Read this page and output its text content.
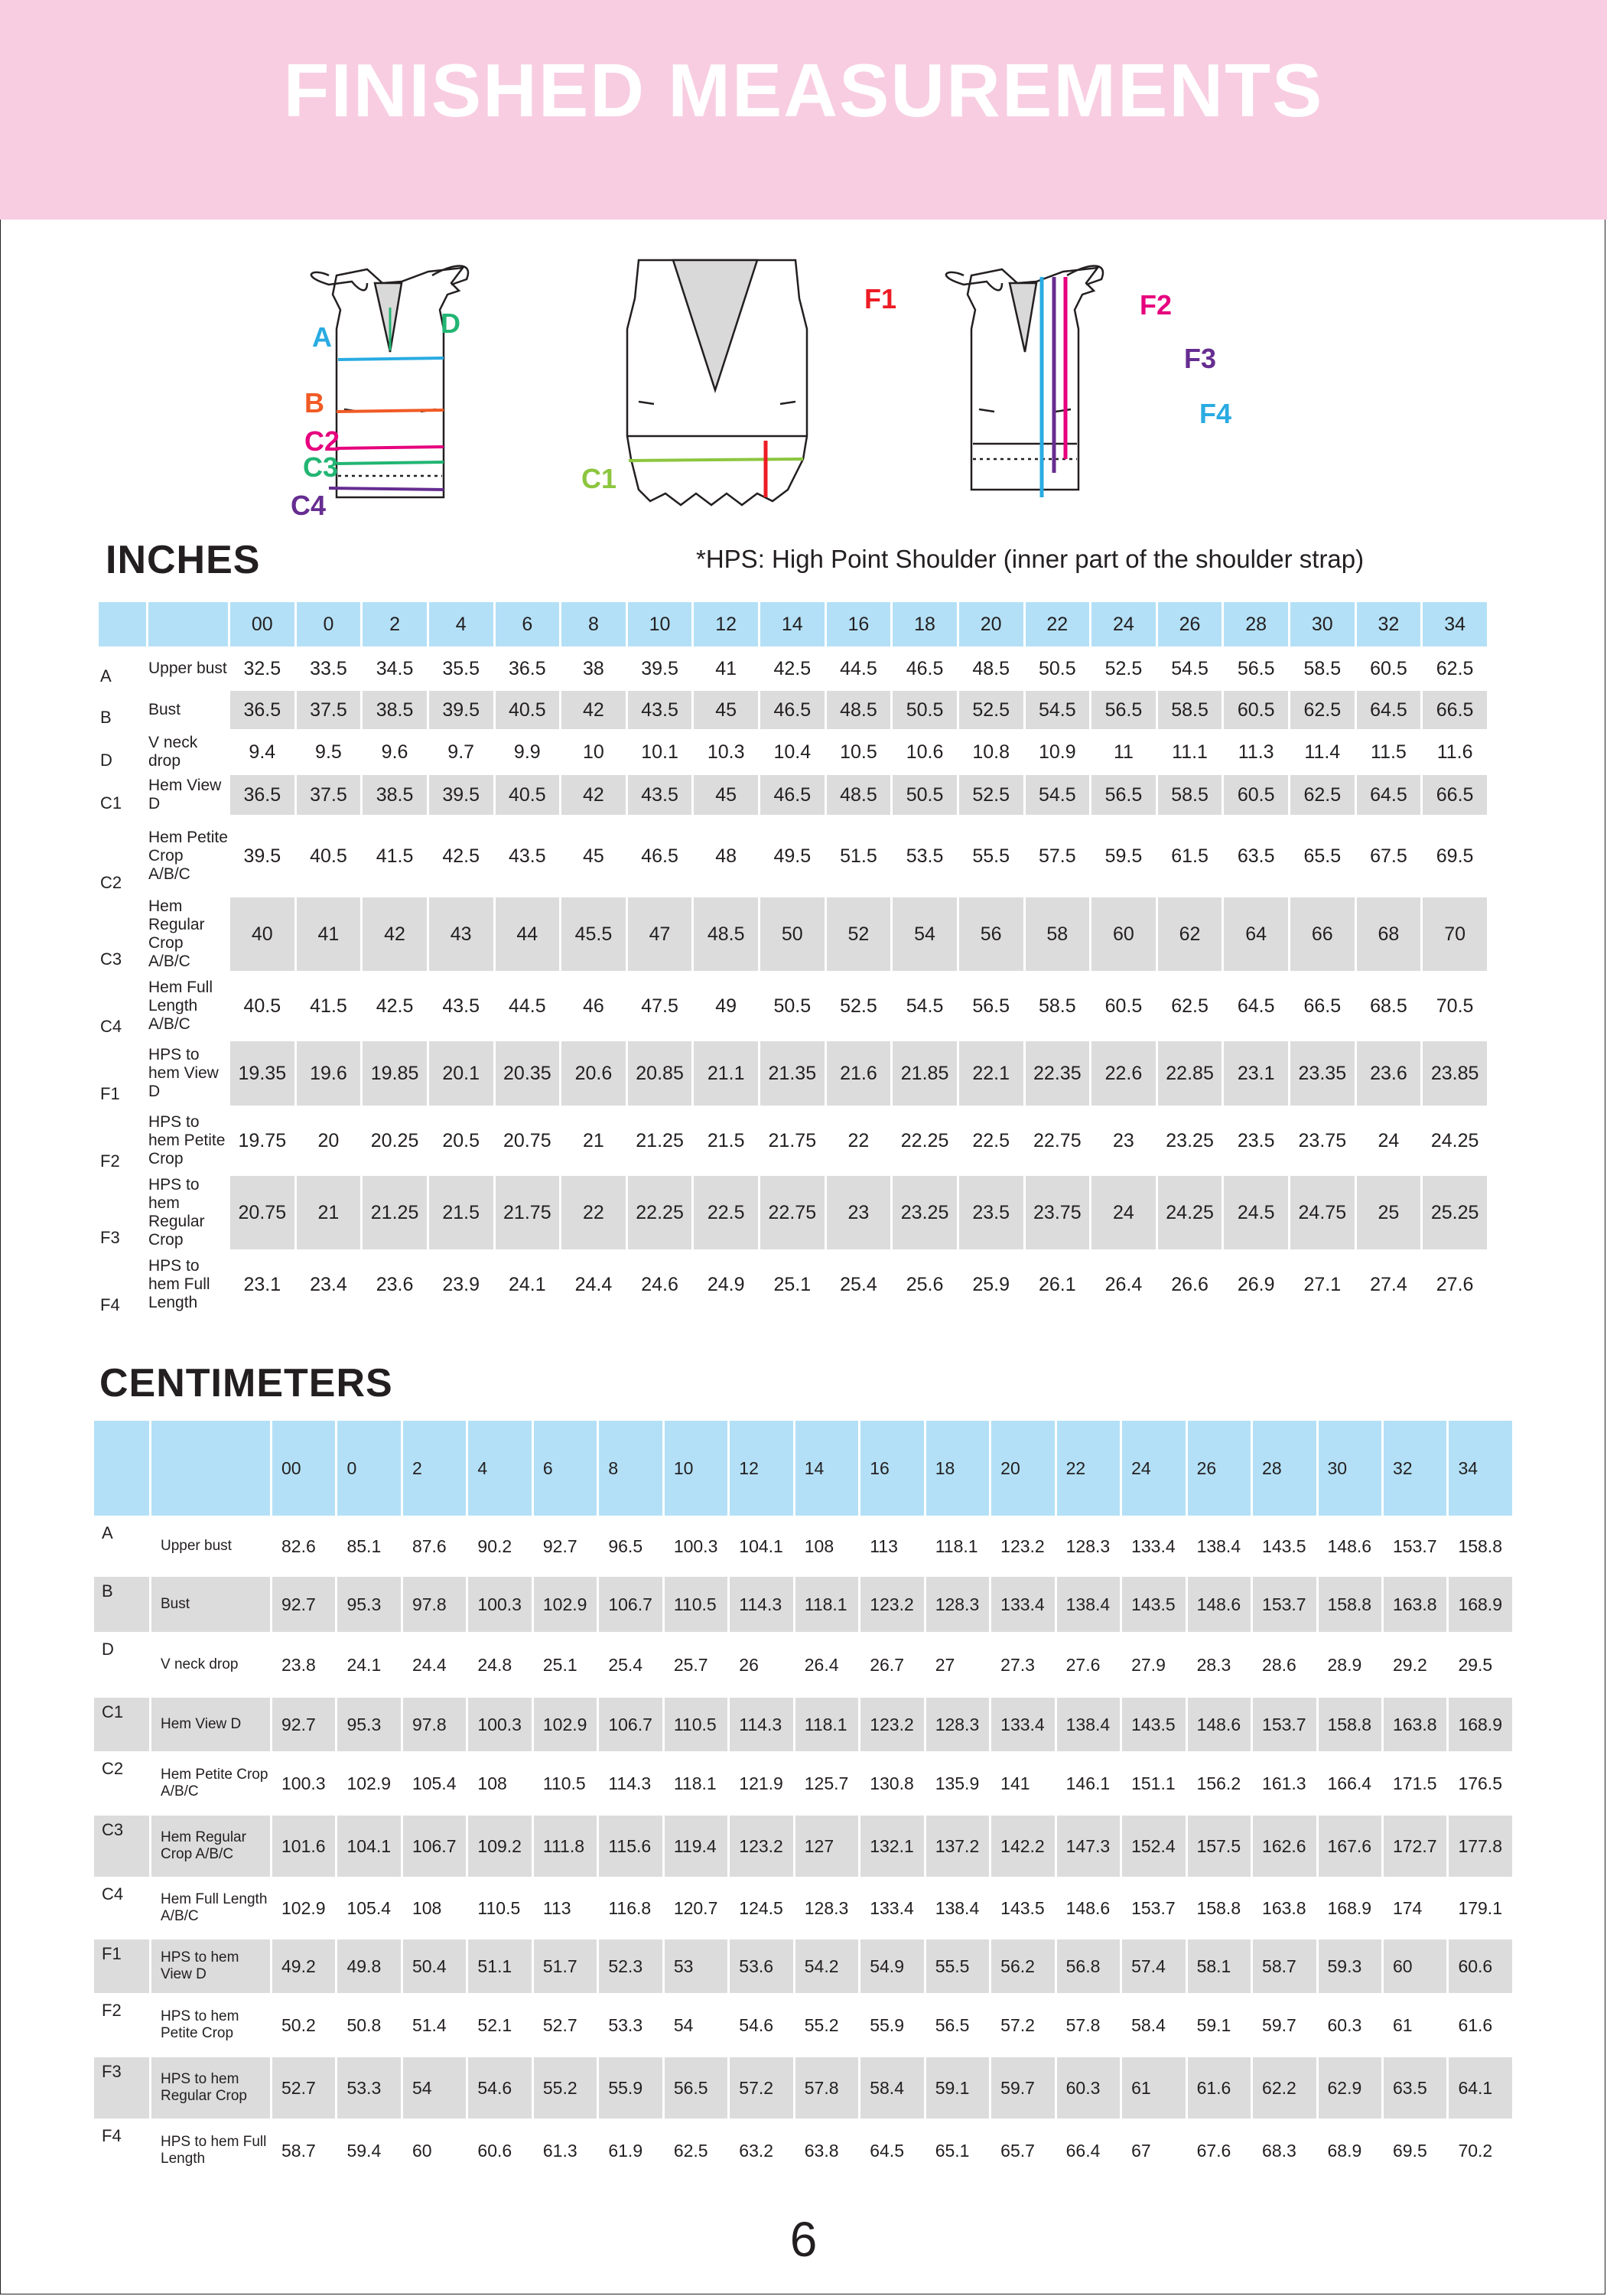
FINISHED MEASUREMENTS
A	D
B
C2
C3
C4
C1
F1	F2
F3
F4
INCHES	*HPS: High Point Shoulder (inner part of the shoulder strap)
		00	0	2	4	6	8	10	12	14	16	18	20	22	24	26	28	30	32	34
A	Upper bust	32.5	33.5	34.5	35.5	36.5	38	39.5	41	42.5	44.5	46.5	48.5	50.5	52.5	54.5	56.5	58.5	60.5	62.5
B	Bust	36.5	37.5	38.5	39.5	40.5	42	43.5	45	46.5	48.5	50.5	52.5	54.5	56.5	58.5	60.5	62.5	64.5	66.5
D	V neck drop	9.4	9.5	9.6	9.7	9.9	10	10.1	10.3	10.4	10.5	10.6	10.8	10.9	11	11.1	11.3	11.4	11.5	11.6
C1	Hem View D	36.5	37.5	38.5	39.5	40.5	42	43.5	45	46.5	48.5	50.5	52.5	54.5	56.5	58.5	60.5	62.5	64.5	66.5
C2	Hem Petite Crop A/B/C	39.5	40.5	41.5	42.5	43.5	45	46.5	48	49.5	51.5	53.5	55.5	57.5	59.5	61.5	63.5	65.5	67.5	69.5
C3	Hem Regular Crop A/B/C	40	41	42	43	44	45.5	47	48.5	50	52	54	56	58	60	62	64	66	68	70
C4	Hem Full Length A/B/C	40.5	41.5	42.5	43.5	44.5	46	47.5	49	50.5	52.5	54.5	56.5	58.5	60.5	62.5	64.5	66.5	68.5	70.5
F1	HPS to hem View D	19.35	19.6	19.85	20.1	20.35	20.6	20.85	21.1	21.35	21.6	21.85	22.1	22.35	22.6	22.85	23.1	23.35	23.6	23.85
F2	HPS to hem Petite Crop	19.75	20	20.25	20.5	20.75	21	21.25	21.5	21.75	22	22.25	22.5	22.75	23	23.25	23.5	23.75	24	24.25
F3	HPS to hem Regular Crop	20.75	21	21.25	21.5	21.75	22	22.25	22.5	22.75	23	23.25	23.5	23.75	24	24.25	24.5	24.75	25	25.25
F4	HPS to hem Full Length	23.1	23.4	23.6	23.9	24.1	24.4	24.6	24.9	25.1	25.4	25.6	25.9	26.1	26.4	26.6	26.9	27.1	27.4	27.6
CENTIMETERS
		00	0	2	4	6	8	10	12	14	16	18	20	22	24	26	28	30	32	34
A	Upper bust	82.6	85.1	87.6	90.2	92.7	96.5	100.3	104.1	108	113	118.1	123.2	128.3	133.4	138.4	143.5	148.6	153.7	158.8
B	Bust	92.7	95.3	97.8	100.3	102.9	106.7	110.5	114.3	118.1	123.2	128.3	133.4	138.4	143.5	148.6	153.7	158.8	163.8	168.9
D	V neck drop	23.8	24.1	24.4	24.8	25.1	25.4	25.7	26	26.4	26.7	27	27.3	27.6	27.9	28.3	28.6	28.9	29.2	29.5
C1	Hem View D	92.7	95.3	97.8	100.3	102.9	106.7	110.5	114.3	118.1	123.2	128.3	133.4	138.4	143.5	148.6	153.7	158.8	163.8	168.9
C2	Hem Petite Crop A/B/C	100.3	102.9	105.4	108	110.5	114.3	118.1	121.9	125.7	130.8	135.9	141	146.1	151.1	156.2	161.3	166.4	171.5	176.5
C3	Hem Regular Crop A/B/C	101.6	104.1	106.7	109.2	111.8	115.6	119.4	123.2	127	132.1	137.2	142.2	147.3	152.4	157.5	162.6	167.6	172.7	177.8
C4	Hem Full Length A/B/C	102.9	105.4	108	110.5	113	116.8	120.7	124.5	128.3	133.4	138.4	143.5	148.6	153.7	158.8	163.8	168.9	174	179.1
F1	HPS to hem View D	49.2	49.8	50.4	51.1	51.7	52.3	53	53.6	54.2	54.9	55.5	56.2	56.8	57.4	58.1	58.7	59.3	60	60.6
F2	HPS to hem Petite Crop	50.2	50.8	51.4	52.1	52.7	53.3	54	54.6	55.2	55.9	56.5	57.2	57.8	58.4	59.1	59.7	60.3	61	61.6
F3	HPS to hem Regular Crop	52.7	53.3	54	54.6	55.2	55.9	56.5	57.2	57.8	58.4	59.1	59.7	60.3	61	61.6	62.2	62.9	63.5	64.1
F4	HPS to hem Full Length	58.7	59.4	60	60.6	61.3	61.9	62.5	63.2	63.8	64.5	65.1	65.7	66.4	67	67.6	68.3	68.9	69.5	70.2
6
